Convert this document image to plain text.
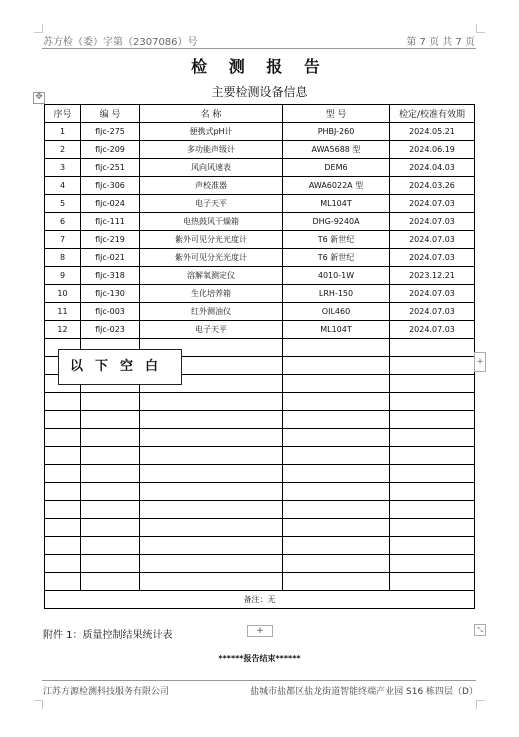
苏方检（委）字第（2307086）号	第 7 页 共 7 页
检 测 报 告
主要检测设备信息
✥
序号	编 号	名 称	型 号	检定/校准有效期
1	fljc-275	便携式pH计	PHBJ-260	2024.05.21
2	fljc-209	多功能声级计	AWA5688 型	2024.06.19
3	fljc-251	风向风速表	DEM6	2024.04.03
4	fljc-306	声校准器	AWA6022A 型	2024.03.26
5	fljc-024	电子天平	ML104T	2024.07.03
6	fljc-111	电热鼓风干燥箱	DHG-9240A	2024.07.03
7	fljc-219	紫外可见分光光度计	T6 新世纪	2024.07.03
8	fljc-021	紫外可见分光光度计	T6 新世纪	2024.07.03
9	fljc-318	溶解氧测定仪	4010-1W	2023.12.21
10	fljc-130	生化培养箱	LRH-150	2024.07.03
11	fljc-003	红外测油仪	OIL460	2024.07.03
12	fljc-023	电子天平	ML104T	2024.07.03

备注：无				
以下空白	+
⤡
附件 1：质量控制结果统计表	+
******报告结束******
江苏方源检测科技服务有限公司	盐城市盐都区盐龙街道智能终端产业园 S16 栋四层（D）
